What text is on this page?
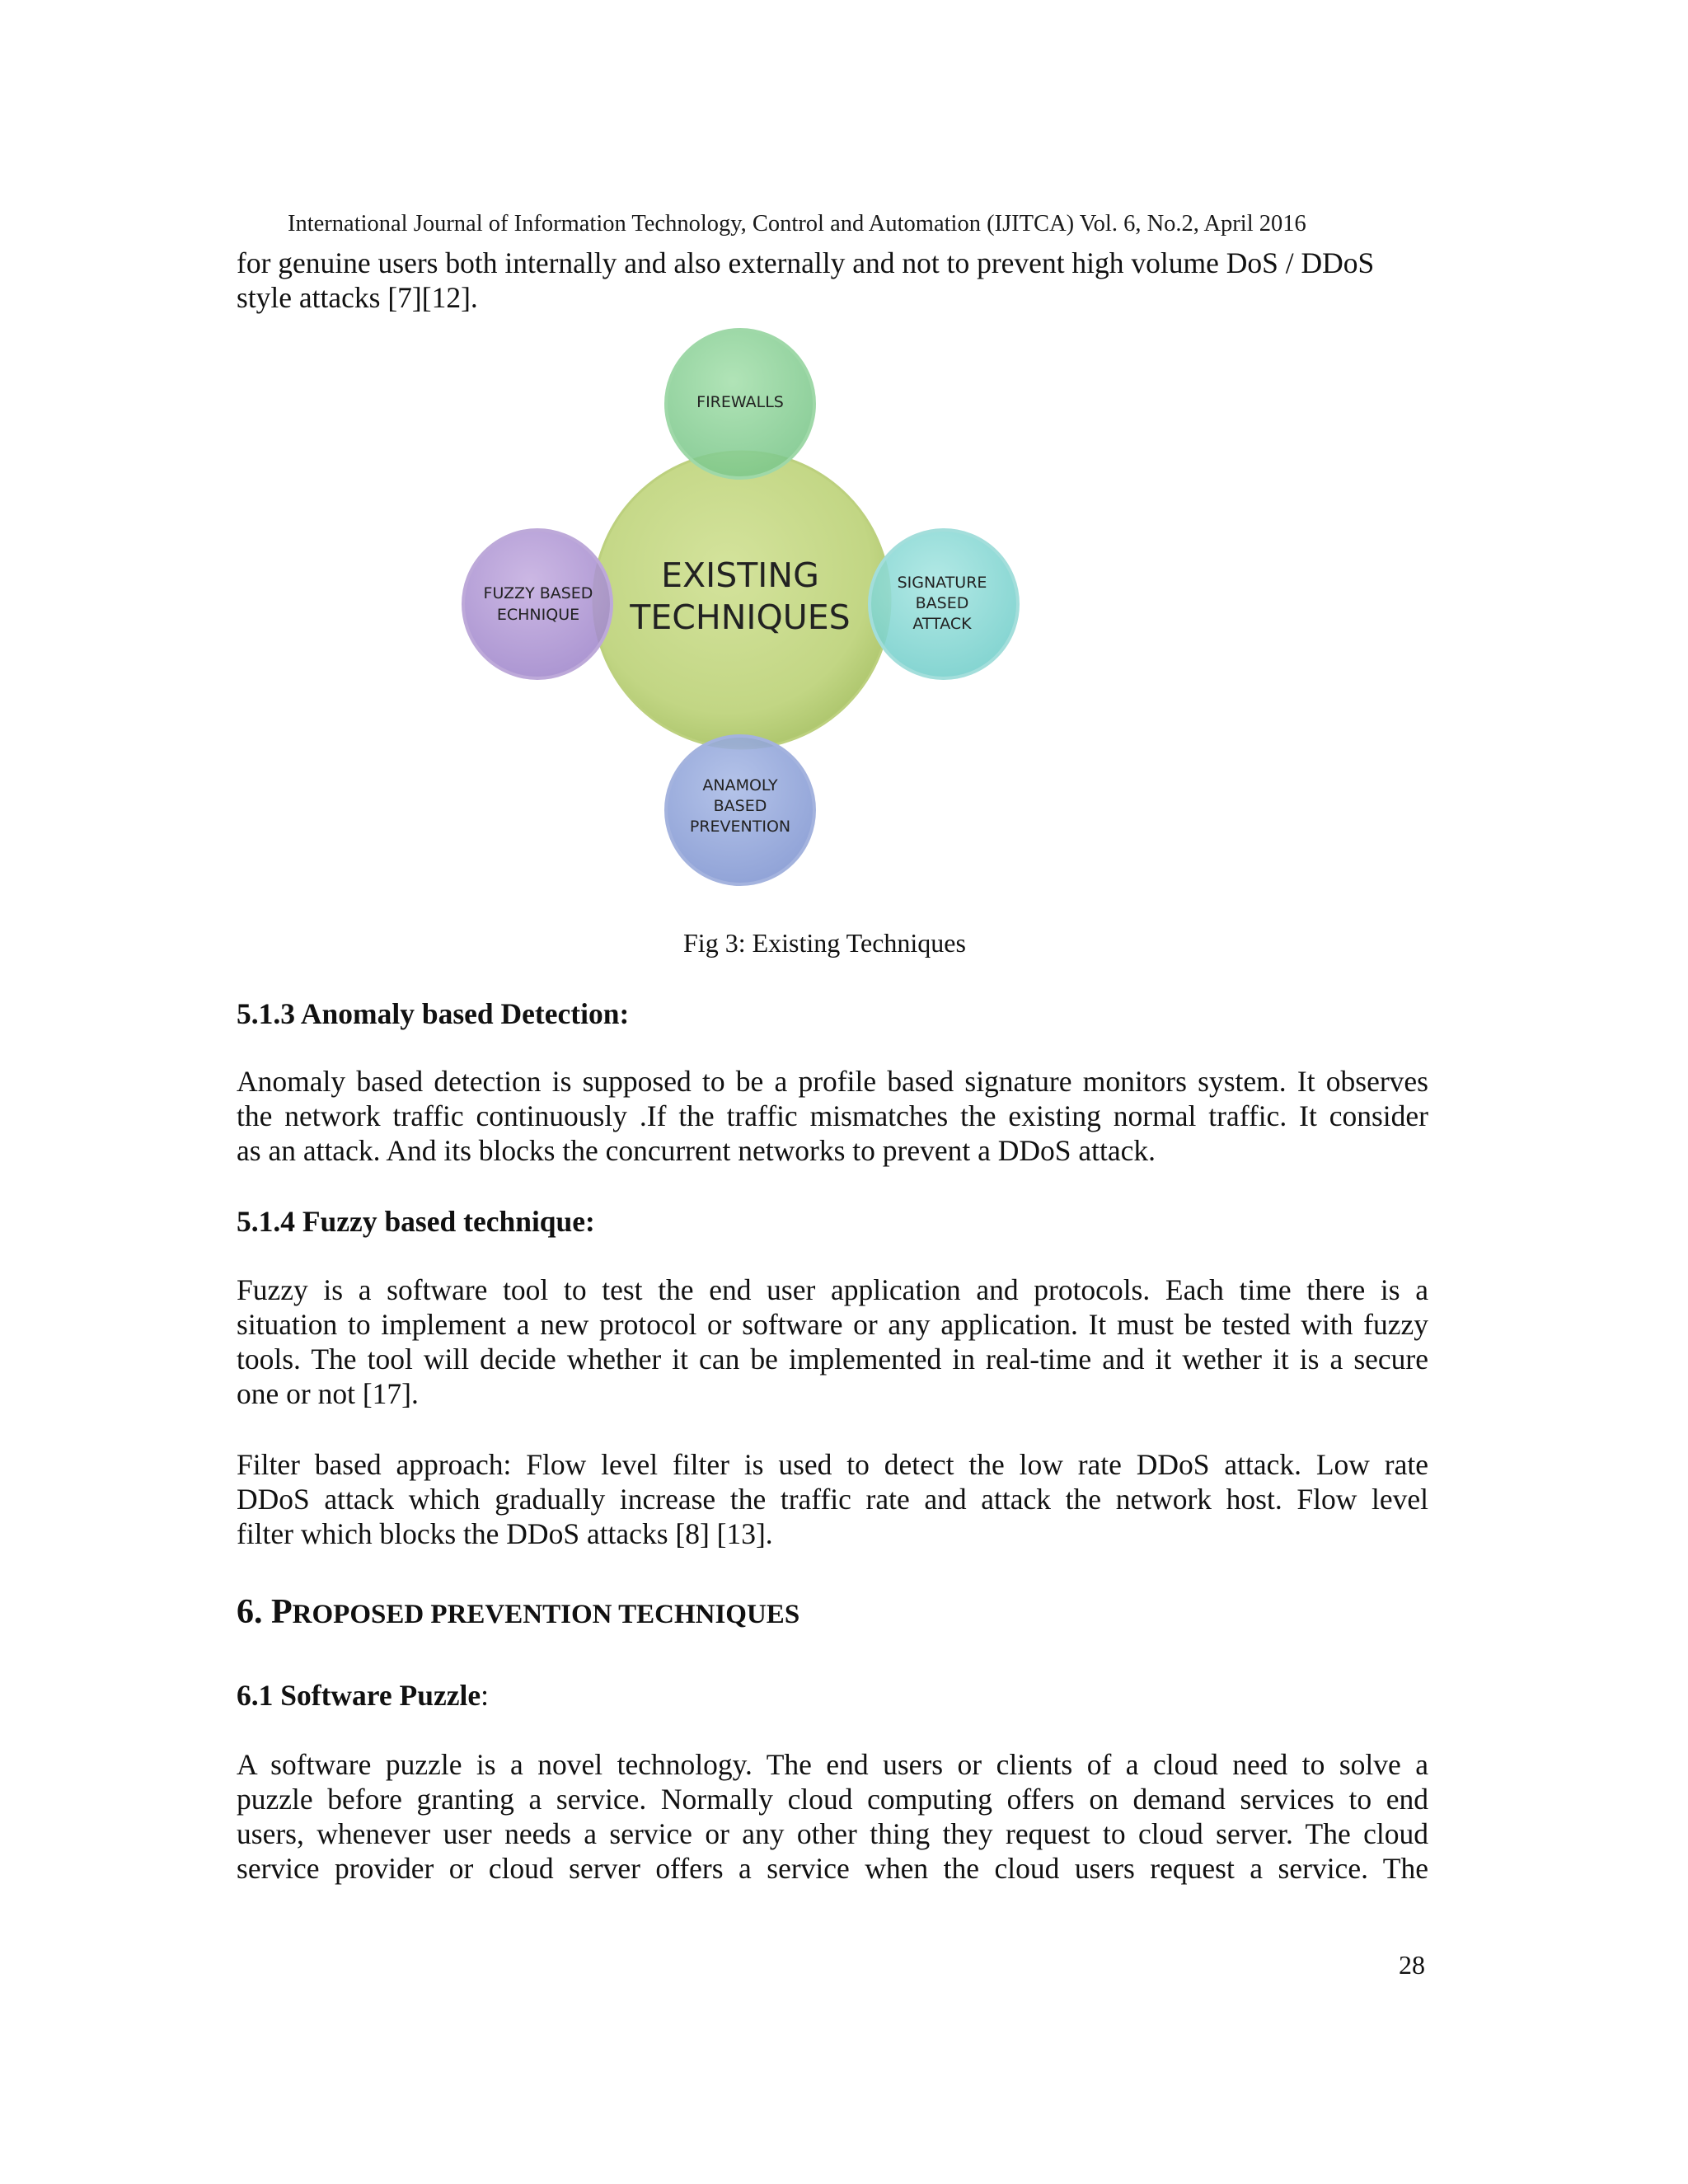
International Journal of Information Technology, Control and Automation (IJITCA) Vol. 6, No.2, April 2016
for genuine users both internally and also externally and not to prevent high volume DoS / DDoS
style attacks [7][12].
EXISTING
TECHNIQUES
FIREWALLS
SIGNATURE
BASED
ATTACK
ANAMOLY
BASED
PREVENTION
FUZZY BASED
ECHNIQUE
Fig 3: Existing Techniques
5.1.3 Anomaly based Detection:
Anomaly based detection is supposed to be a profile based signature monitors system. It observes
the network traffic continuously .If the traffic mismatches the existing normal traffic. It consider
as an attack. And its blocks the concurrent networks to prevent a DDoS attack.
5.1.4 Fuzzy based technique:
Fuzzy is a software tool to test the end user application and protocols. Each time there is a
situation to implement a new protocol or software or any application. It must be tested with fuzzy
tools. The tool will decide whether it can be implemented in real-time and it wether it is a secure
one or not [17].
Filter based approach: Flow level filter is used to detect the low rate DDoS attack. Low rate
DDoS attack which gradually increase the traffic rate and attack the network host. Flow level
filter which blocks the DDoS attacks [8] [13].
6. PROPOSED PREVENTION TECHNIQUES
6.1 Software Puzzle:
A software puzzle is a novel technology. The end users or clients of a cloud need to solve a
puzzle before granting a service. Normally cloud computing offers on demand services to end
users, whenever user needs a service or any other thing they request to cloud server. The cloud
service provider or cloud server offers a service when the cloud users request a service. The
28
